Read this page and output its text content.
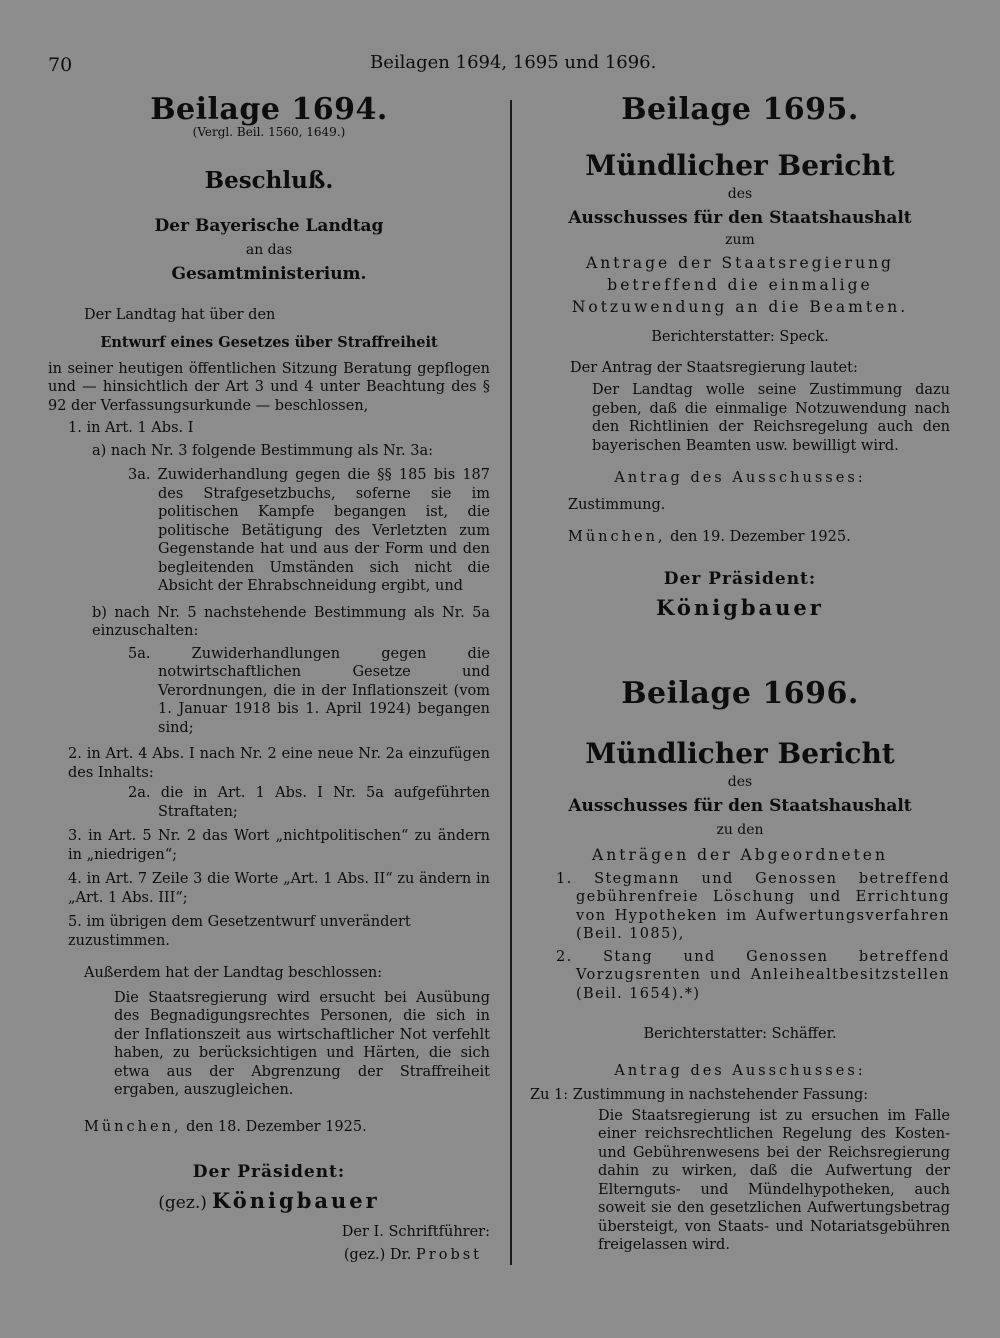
70	Beilagen 1694, 1695 und 1696.
Beilage 1694.
(Vergl. Beil. 1560, 1649.)
Beschluß.
Der Bayerische Landtag
an das
Gesamtministerium.
Der Landtag hat über den
Entwurf eines Gesetzes über Straffreiheit
in seiner heutigen öffentlichen Sitzung Beratung gepflogen und — hinsichtlich der Art 3 und 4 unter Beachtung des § 92 der Verfassungsurkunde — beschlossen,
1. in Art. 1 Abs. I
a) nach Nr. 3 folgende Bestimmung als Nr. 3a:
3a. Zuwiderhandlung gegen die §§ 185 bis 187 des Strafgesetzbuchs, soferne sie im politischen Kampfe begangen ist, die politische Betätigung des Verletzten zum Gegenstande hat und aus der Form und den begleitenden Umständen sich nicht die Absicht der Ehrabschneidung ergibt, und
b) nach Nr. 5 nachstehende Bestimmung als Nr. 5a einzuschalten:
5a. Zuwiderhandlungen gegen die notwirtschaftlichen Gesetze und Verordnungen, die in der Inflationszeit (vom 1. Januar 1918 bis 1. April 1924) begangen sind;
2. in Art. 4 Abs. I nach Nr. 2 eine neue Nr. 2a einzufügen des Inhalts:
2a. die in Art. 1 Abs. I Nr. 5a aufgeführten Straftaten;
3. in Art. 5 Nr. 2 das Wort „nichtpolitischen“ zu ändern in „niedrigen“;
4. in Art. 7 Zeile 3 die Worte „Art. 1 Abs. II“ zu ändern in „Art. 1 Abs. III“;
5. im übrigen dem Gesetzentwurf unverändert zuzustimmen.
Außerdem hat der Landtag beschlossen:
Die Staatsregierung wird ersucht bei Ausübung des Begnadigungsrechtes Personen, die sich in der Inflationszeit aus wirtschaftlicher Not verfehlt haben, zu berücksichtigen und Härten, die sich etwa aus der Abgrenzung der Straffreiheit ergaben, auszugleichen.
München, den 18. Dezember 1925.
Der Präsident:
(gez.) Königbauer
Der I. Schriftführer:
(gez.) Dr. Probst
Beilage 1695.
Mündlicher Bericht
des
Ausschusses für den Staatshaushalt
zum
Antrage der Staatsregierung betreffend die einmalige Notzuwendung an die Beamten.
Berichterstatter: Speck.
Der Antrag der Staatsregierung lautet:
Der Landtag wolle seine Zustimmung dazu geben, daß die einmalige Notzuwendung nach den Richtlinien der Reichsregelung auch den bayerischen Beamten usw. bewilligt wird.
Antrag des Ausschusses:
Zustimmung.
München, den 19. Dezember 1925.
Der Präsident:
Königbauer
Beilage 1696.
Mündlicher Bericht
des
Ausschusses für den Staatshaushalt
zu den
Anträgen der Abgeordneten
1. Stegmann und Genossen betreffend gebührenfreie Löschung und Errichtung von Hypotheken im Aufwertungsverfahren (Beil. 1085),
2. Stang und Genossen betreffend Vorzugsrenten und Anleihealtbesitzstellen (Beil. 1654).*)
Berichterstatter: Schäffer.
Antrag des Ausschusses:
Zu 1: Zustimmung in nachstehender Fassung:
Die Staatsregierung ist zu ersuchen im Falle einer reichsrechtlichen Regelung des Kosten- und Gebührenwesens bei der Reichsregierung dahin zu wirken, daß die Aufwertung der Elternguts- und Mündelhypotheken, auch soweit sie den gesetzlichen Aufwertungsbetrag übersteigt, von Staats- und Notariatsgebühren freigelassen wird.
